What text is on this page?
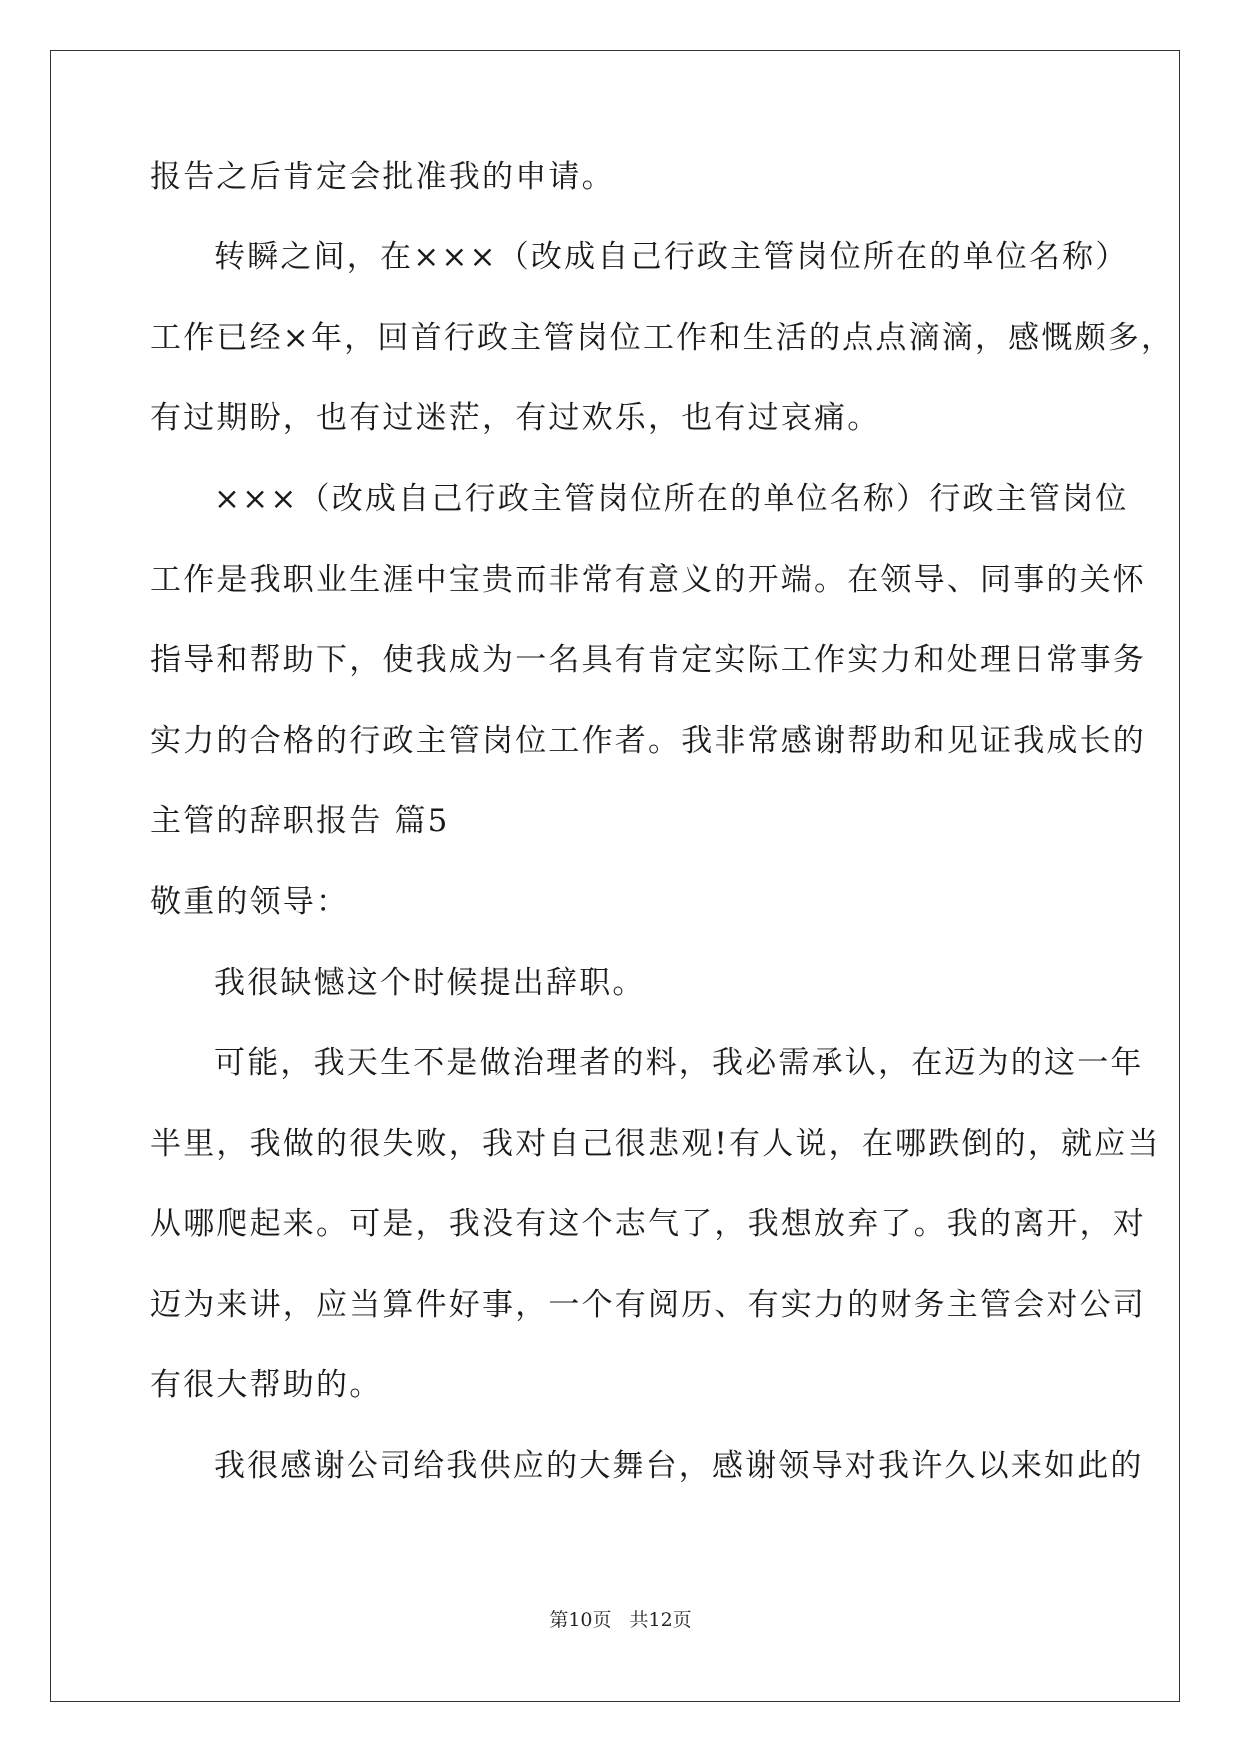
报告之后肯定会批准我的申请。
转瞬之间，在×××（改成自己行政主管岗位所在的单位名称）
工作已经×年，回首行政主管岗位工作和生活的点点滴滴，感慨颇多，
有过期盼，也有过迷茫，有过欢乐，也有过哀痛。
×××（改成自己行政主管岗位所在的单位名称）行政主管岗位
工作是我职业生涯中宝贵而非常有意义的开端。在领导、同事的关怀
指导和帮助下，使我成为一名具有肯定实际工作实力和处理日常事务
实力的合格的行政主管岗位工作者。我非常感谢帮助和见证我成长的
主管的辞职报告 篇5
敬重的领导：
我很缺憾这个时候提出辞职。
可能，我天生不是做治理者的料，我必需承认，在迈为的这一年
半里，我做的很失败，我对自己很悲观!有人说，在哪跌倒的，就应当
从哪爬起来。可是，我没有这个志气了，我想放弃了。我的离开，对
迈为来讲，应当算件好事，一个有阅历、有实力的财务主管会对公司
有很大帮助的。
我很感谢公司给我供应的大舞台，感谢领导对我许久以来如此的
第10页 共12页
